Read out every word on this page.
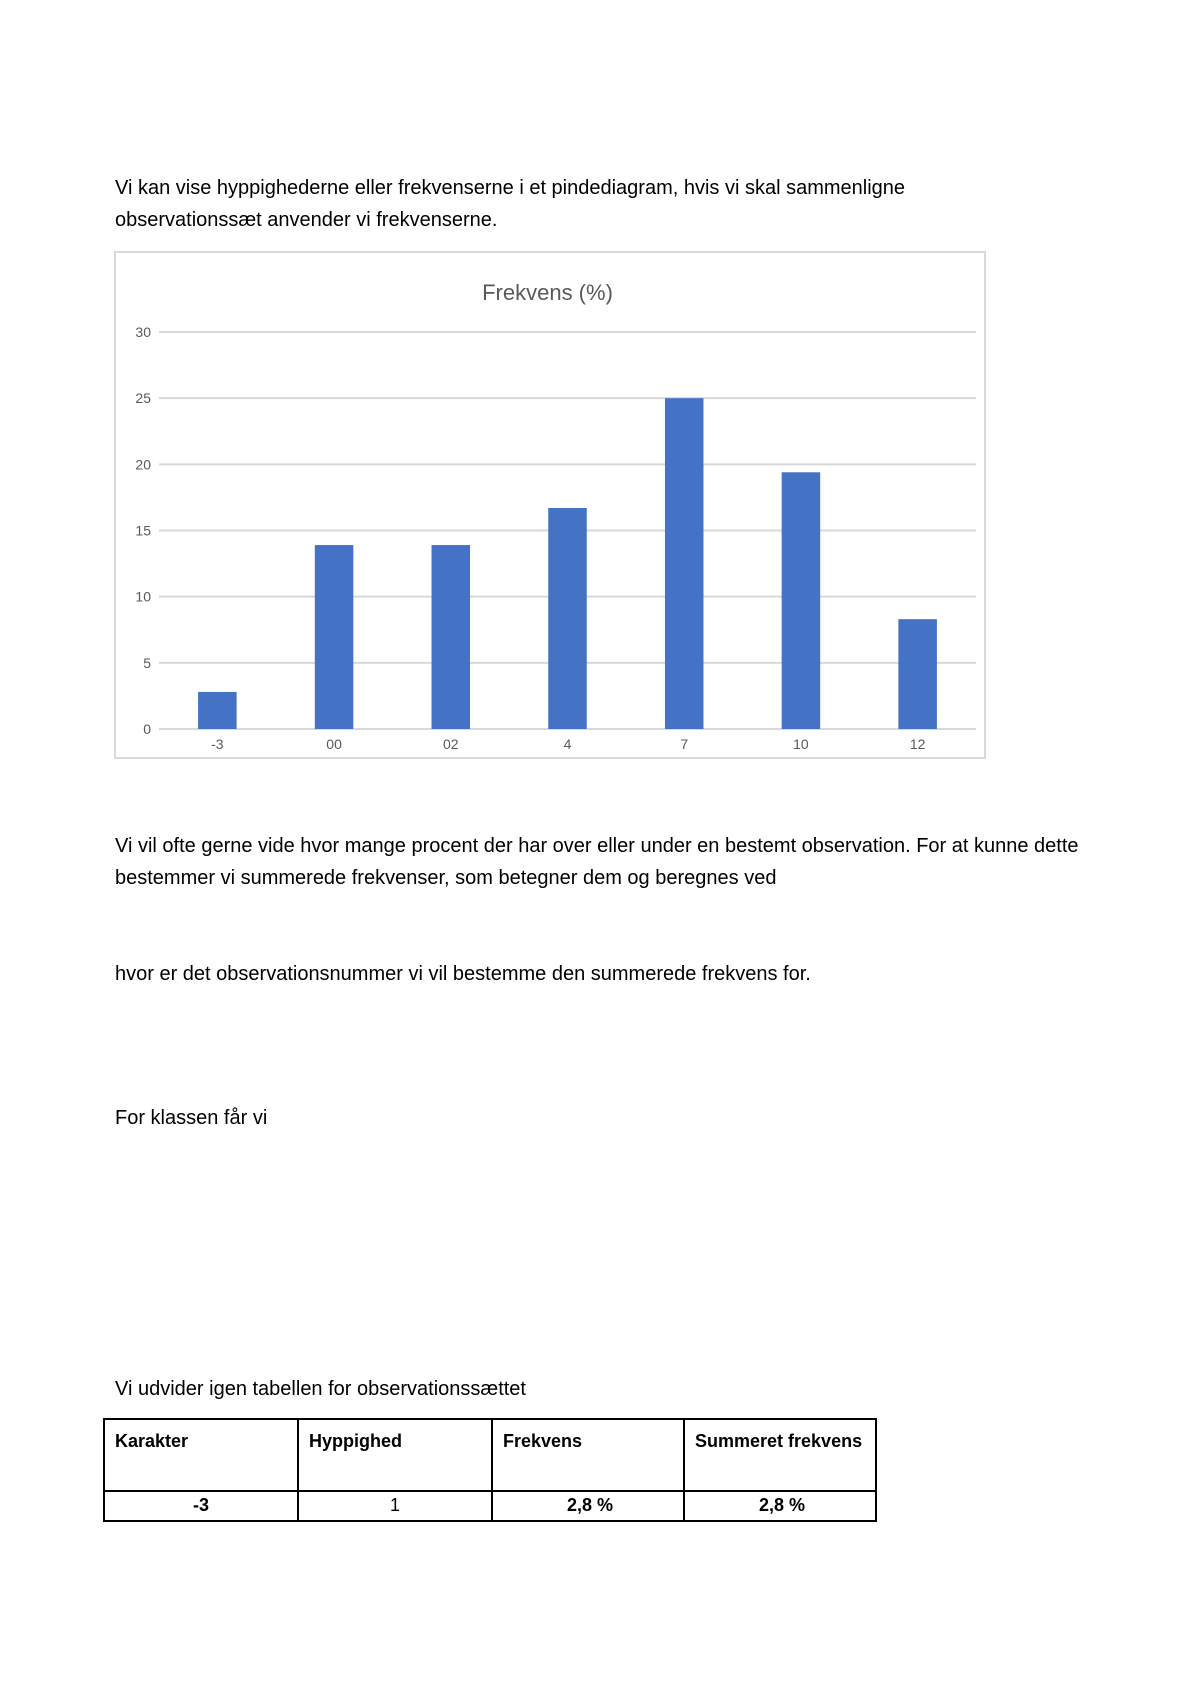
Vi kan vise hyppighederne eller frekvenserne i et pindediagram, hvis vi skal sammenligne observationssæt anvender vi frekvenserne.

Frekvens (%)
0
5
10
15
20
25
30
-3	00	02	4	7	10	12

Vi vil ofte gerne vide hvor mange procent der har over eller under en bestemt observation. For at kunne dette bestemmer vi summerede frekvenser, som betegner dem og beregnes ved

hvor er det observationsnummer vi vil bestemme den summerede frekvens for.

For klassen får vi

Vi udvider igen tabellen for observationssættet

Karakter	Hyppighed	Frekvens	Summeret frekvens
-3	1	2,8 %	2,8 %
